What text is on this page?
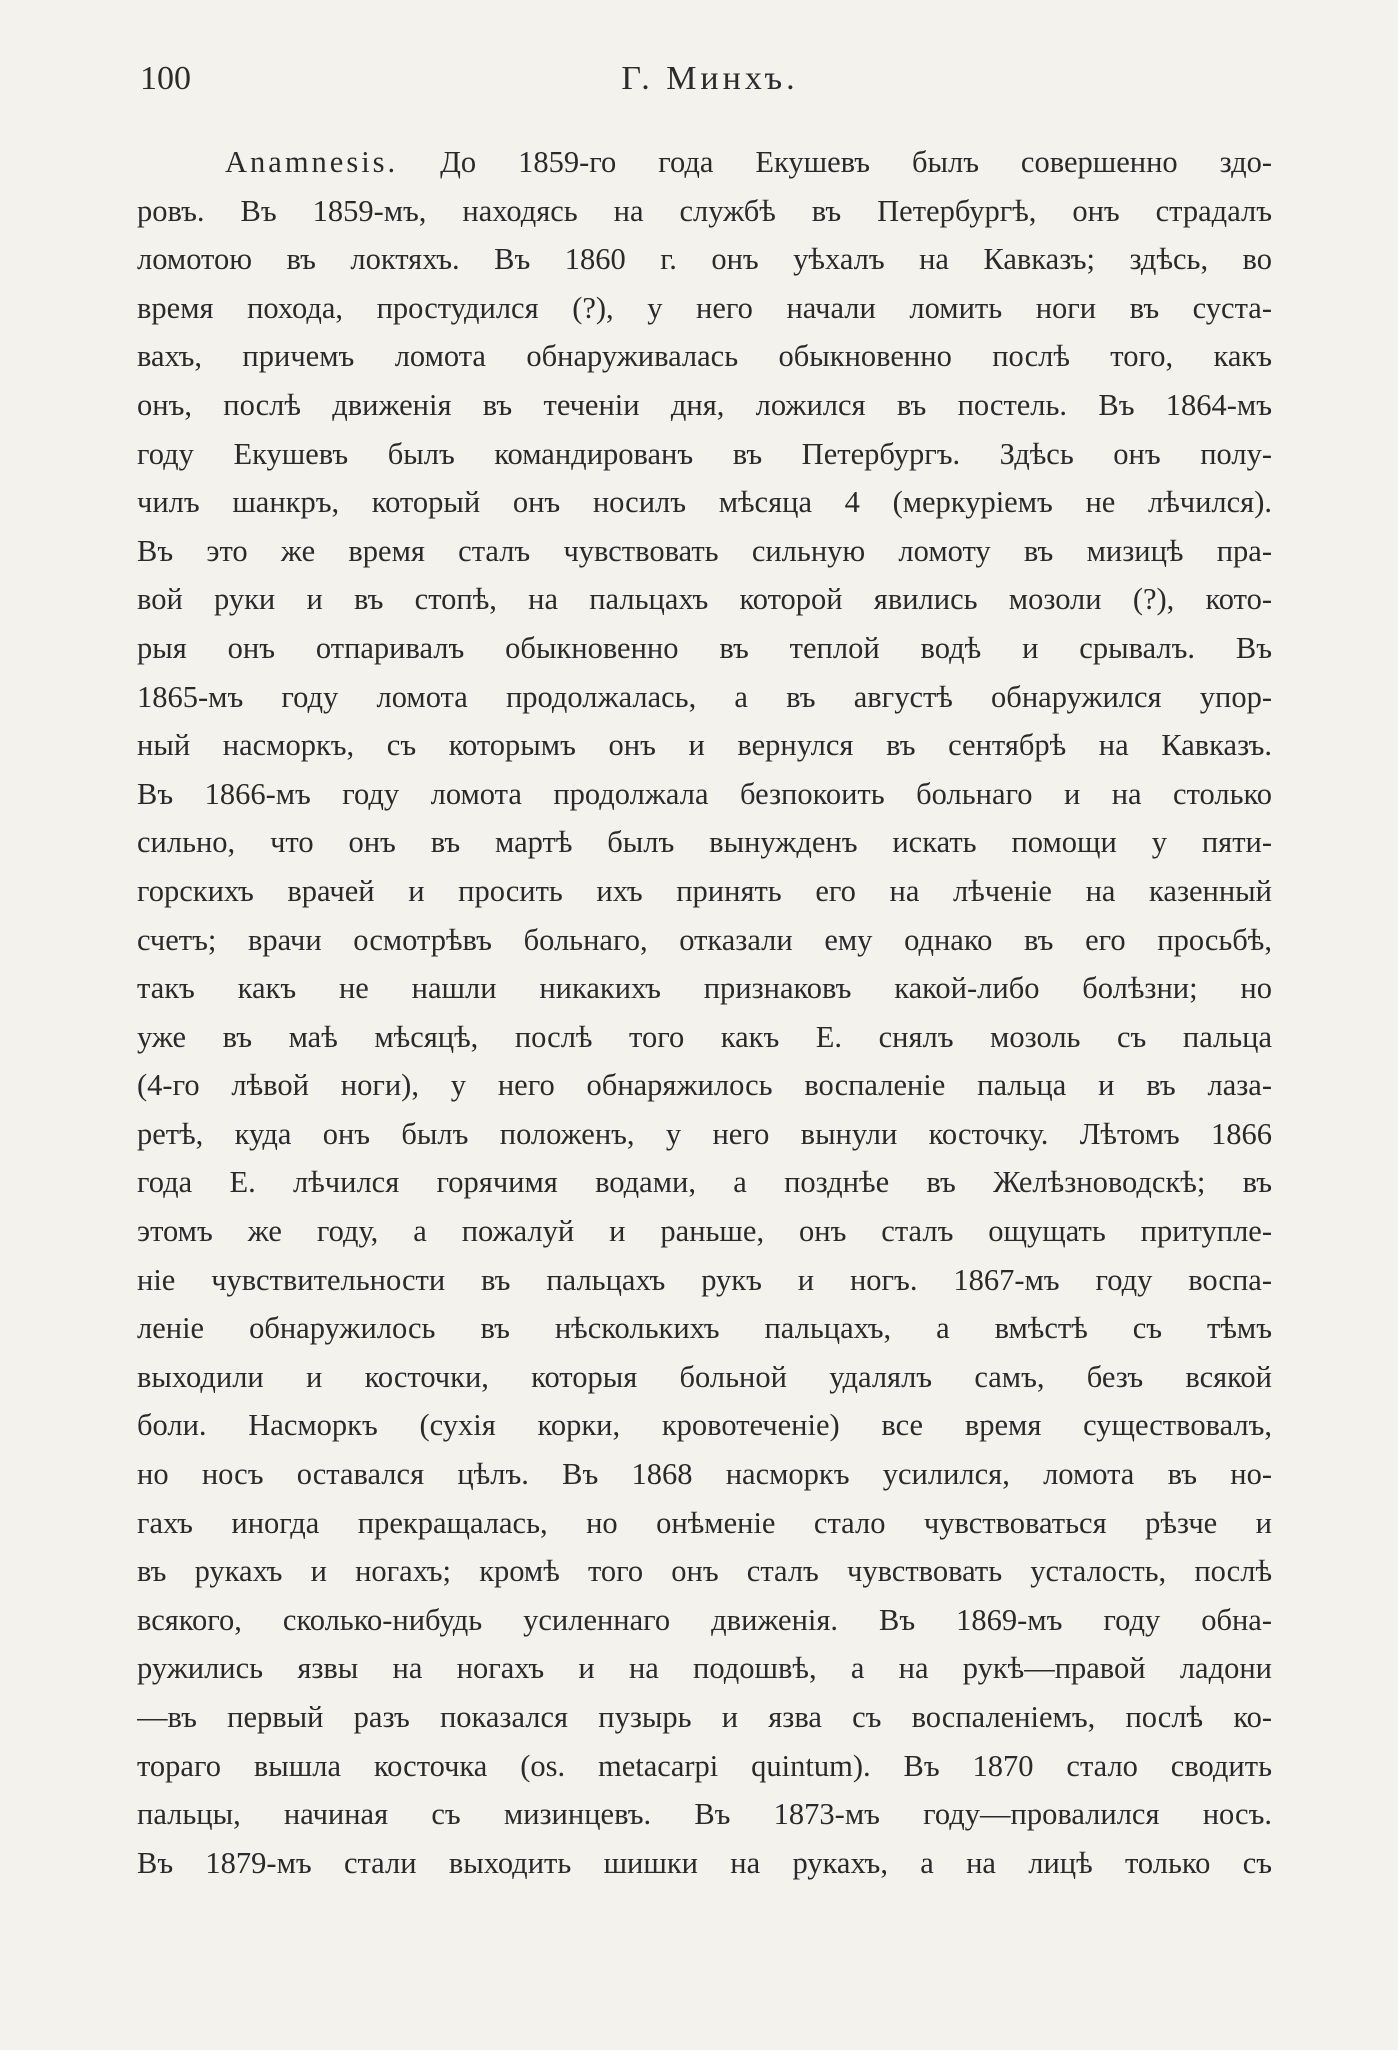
100	Г. Минхъ.
Anamnesis. До 1859-го года Екушевъ былъ совершенно здо-
ровъ. Въ 1859-мъ, находясь на службѣ въ Петербургѣ, онъ страдалъ
ломотою въ локтяхъ. Въ 1860 г. онъ уѣхалъ на Кавказъ; здѣсь, во
время похода, простудился (?), у него начали ломить ноги въ суста-
вахъ, причемъ ломота обнаруживалась обыкновенно послѣ того, какъ
онъ, послѣ движенія въ теченіи дня, ложился въ постель. Въ 1864-мъ
году Екушевъ былъ командированъ въ Петербургъ. Здѣсь онъ полу-
чилъ шанкръ, который онъ носилъ мѣсяца 4 (меркуріемъ не лѣчился).
Въ это же время сталъ чувствовать сильную ломоту въ мизицѣ пра-
вой руки и въ стопѣ, на пальцахъ которой явились мозоли (?), кото-
рыя онъ отпаривалъ обыкновенно въ теплой водѣ и срывалъ. Въ
1865-мъ году ломота продолжалась, а въ августѣ обнаружился упор-
ный насморкъ, съ которымъ онъ и вернулся въ сентябрѣ на Кавказъ.
Въ 1866-мъ году ломота продолжала безпокоить больнаго и на столько
сильно, что онъ въ мартѣ былъ вынужденъ искать помощи у пяти-
горскихъ врачей и просить ихъ принять его на лѣченіе на казенный
счетъ; врачи осмотрѣвъ больнаго, отказали ему однако въ его просьбѣ,
такъ какъ не нашли никакихъ признаковъ какой-либо болѣзни; но
уже въ маѣ мѣсяцѣ, послѣ того какъ Е. снялъ мозоль съ пальца
(4-го лѣвой ноги), у него обнаряжилось воспаленіе пальца и въ лаза-
ретѣ, куда онъ былъ положенъ, у него вынули косточку. Лѣтомъ 1866
года Е. лѣчился горячимя водами, а позднѣе въ Желѣзноводскѣ; въ
этомъ же году, а пожалуй и раньше, онъ сталъ ощущать притупле-
ніе чувствительности въ пальцахъ рукъ и ногъ. 1867-мъ году воспа-
леніе обнаружилось въ нѣсколькихъ пальцахъ, а вмѣстѣ съ тѣмъ
выходили и косточки, которыя больной удалялъ самъ, безъ всякой
боли. Насморкъ (сухія корки, кровотеченіе) все время существовалъ,
но носъ оставался цѣлъ. Въ 1868 насморкъ усилился, ломота въ но-
гахъ иногда прекращалась, но онѣменіе стало чувствоваться рѣзче и
въ рукахъ и ногахъ; кромѣ того онъ сталъ чувствовать усталость, послѣ
всякого, сколько-нибудь усиленнаго движенія. Въ 1869-мъ году обна-
ружились язвы на ногахъ и на подошвѣ, а на рукѣ—правой ладони
—въ первый разъ показался пузырь и язва съ воспаленіемъ, послѣ ко-
тораго вышла косточка (os. metacarpi quintum). Въ 1870 стало сводить
пальцы, начиная съ мизинцевъ. Въ 1873-мъ году—провалился носъ.
Въ 1879-мъ стали выходить шишки на рукахъ, а на лицѣ только съ
